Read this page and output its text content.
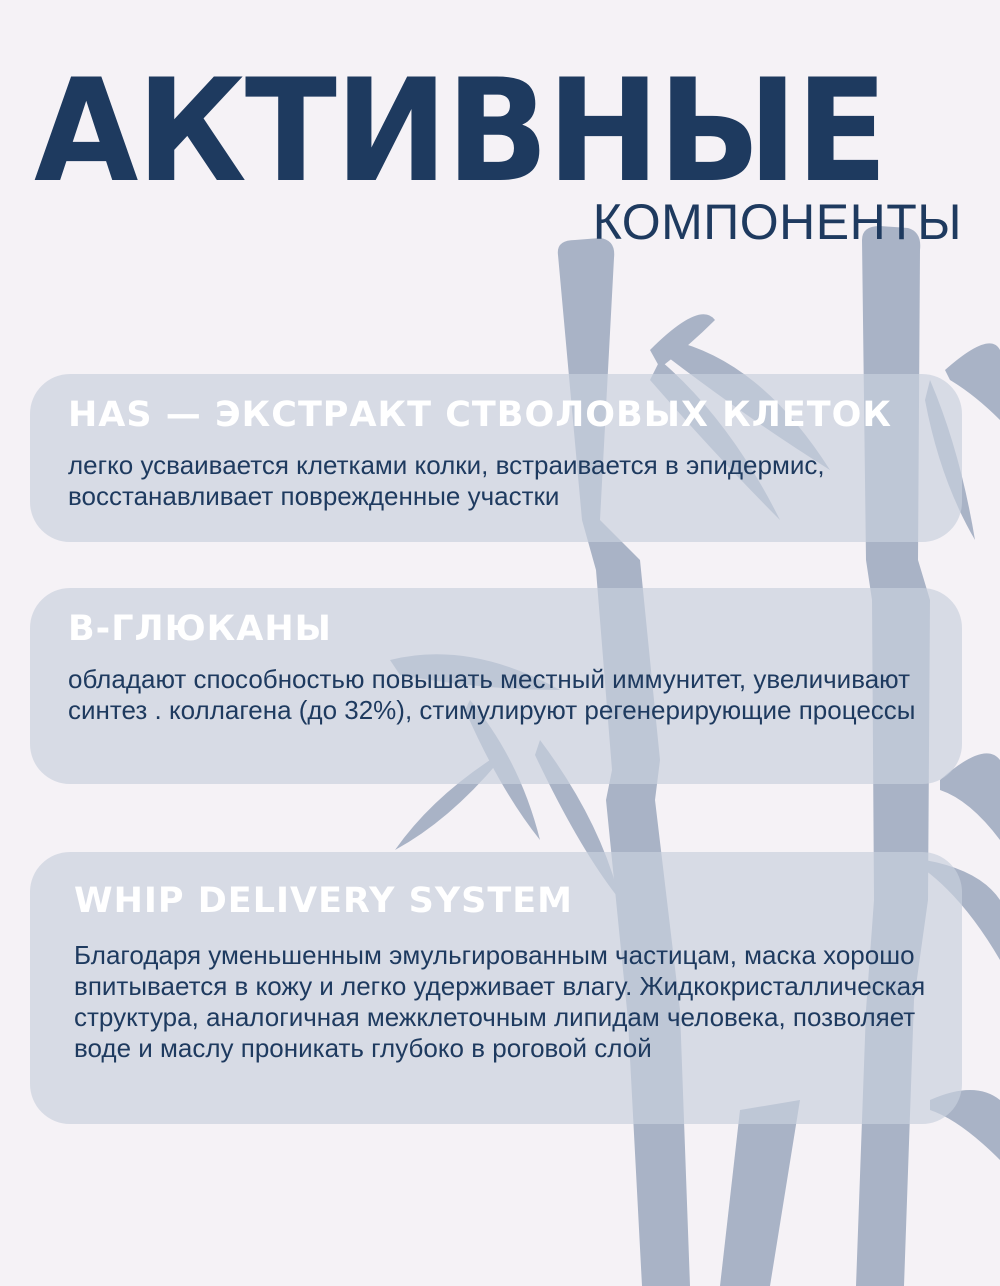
АКТИВНЫЕ
КОМПОНЕНТЫ
HAS — ЭКСТРАКТ СТВОЛОВЫХ КЛЕТОК

легко усваивается клетками колки, встраивается в эпидермис, восстанавливает поврежденные участки

В-ГЛЮКАНЫ

обладают способностью повышать местный иммунитет, увеличивают синтез . коллагена (до 32%), стимулируют регенерирующие процессы

WHIP DELIVERY SYSTEM

Благодаря уменьшенным эмульгированным частицам, маска хорошо впитывается в кожу и легко удерживает влагу. Жидкокристаллическая структура, аналогичная межклеточным липидам человека, позволяет воде и маслу проникать глубоко в роговой слой
